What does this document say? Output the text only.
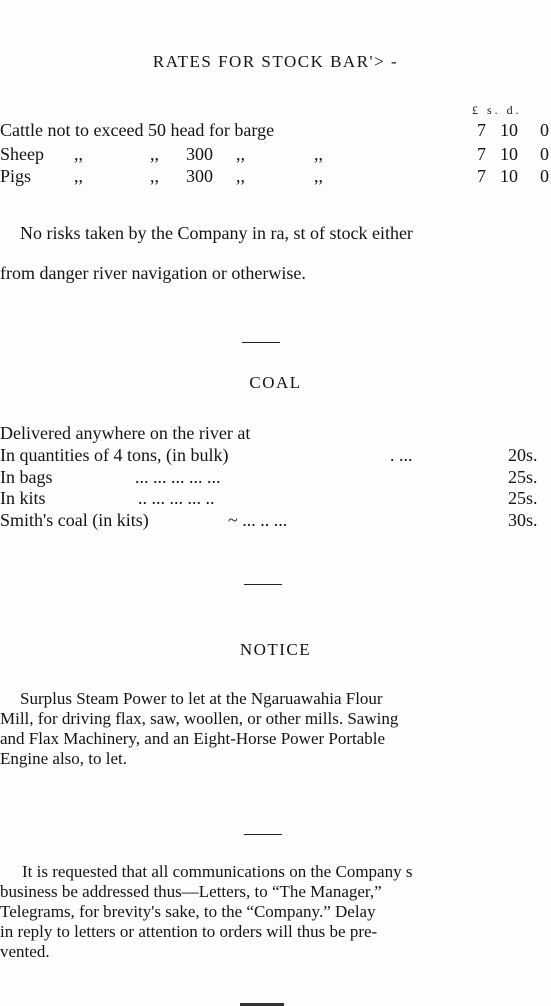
RATES FOR STOCK BAR'> ‑
£ s. d.
Cattle not to exceed 50 head for barge	7 10 0
Sheep ,,	,, 300 ,,	,,	7 10 0
Pigs ,,	,, 300 ,,	,,	7 10 0
No risks taken by the Company in ra, st of stock either
from danger river navigation or otherwise.
COAL
Delivered anywhere on the river at
In quantities of 4 tons, (in bulk)	. ...	20s.
In bags	... ... ... ... ...	25s.
In kits	.. ... ... ... ..	25s.
Smith's coal (in kits)	~ ... .. ...	30s.
NOTICE
Surplus Steam Power to let at the Ngaruawahia Flour
Mill, for driving flax, saw, woollen, or other mills. Sawing
and Flax Machinery, and an Eight-Horse Power Portable
Engine also, to let.
It is requested that all communications on the Company s
business be addressed thus—Letters, to “The Manager,”
Telegrams, for brevity's sake, to the “Company.” Delay
in reply to letters or attention to orders will thus be pre-
vented.
